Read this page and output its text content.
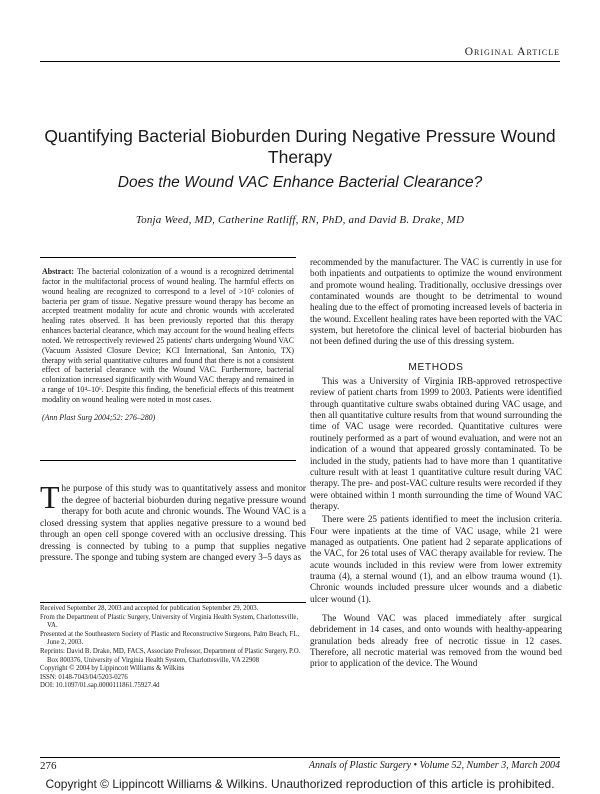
Original Article
Quantifying Bacterial Bioburden During Negative Pressure Wound Therapy
Does the Wound VAC Enhance Bacterial Clearance?
Tonja Weed, MD, Catherine Ratliff, RN, PhD, and David B. Drake, MD

Abstract: The bacterial colonization of a wound is a recognized detrimental factor in the multifactorial process of wound healing. The harmful effects on wound healing are recognized to correspond to a level of >10⁵ colonies of bacteria per gram of tissue. Negative pressure wound therapy has become an accepted treatment modality for acute and chronic wounds with accelerated healing rates observed. It has been previously reported that this therapy enhances bacterial clearance, which may account for the wound healing effects noted. We retrospectively reviewed 25 patients' charts undergoing Wound VAC (Vacuum Assisted Closure Device; KCI International, San Antonio, TX) therapy with serial quantitative cultures and found that there is not a consistent effect of bacterial clearance with the Wound VAC. Furthermore, bacterial colonization increased significantly with Wound VAC therapy and remained in a range of 10⁴–10⁶. Despite this finding, the beneficial effects of this treatment modality on wound healing were noted in most cases.

(Ann Plast Surg 2004;52: 276–280)

The purpose of this study was to quantitatively assess and monitor the degree of bacterial bioburden during negative pressure wound therapy for both acute and chronic wounds. The Wound VAC is a closed dressing system that applies negative pressure to a wound bed through an open cell sponge covered with an occlusive dressing. This dressing is connected by tubing to a pump that supplies negative pressure. The sponge and tubing system are changed every 3–5 days as

Received September 28, 2003 and accepted for publication September 29, 2003.

From the Department of Plastic Surgery, University of Virginia Health System, Charlottesville, VA.

Presented at the Southeastern Society of Plastic and Reconstructive Surgeons, Palm Beach, FL, June 2, 2003.

Reprints: David B. Drake, MD, FACS, Associate Professor, Department of Plastic Surgery, P.O. Box 800376, University of Virginia Health System, Charlottesville, VA 22908

Copyright © 2004 by Lippincott Williams & Wilkins

ISSN: 0148-7043/04/5203-0276

DOI: 10.1097/01.sap.0000111861.75927.4d

recommended by the manufacturer. The VAC is currently in use for both inpatients and outpatients to optimize the wound environment and promote wound healing. Traditionally, occlusive dressings over contaminated wounds are thought to be detrimental to wound healing due to the effect of promoting increased levels of bacteria in the wound. Excellent healing rates have been reported with the VAC system, but heretofore the clinical level of bacterial bioburden has not been defined during the use of this dressing system.

METHODS

This was a University of Virginia IRB-approved retrospective review of patient charts from 1999 to 2003. Patients were identified through quantitative culture swabs obtained during VAC usage, and then all quantitative culture results from that wound surrounding the time of VAC usage were recorded. Quantitative cultures were routinely performed as a part of wound evaluation, and were not an indication of a wound that appeared grossly contaminated. To be included in the study, patients had to have more than 1 quantitative culture result with at least 1 quantitative culture result during VAC therapy. The pre- and post-VAC culture results were recorded if they were obtained within 1 month surrounding the time of Wound VAC therapy.

There were 25 patients identified to meet the inclusion criteria. Four were inpatients at the time of VAC usage, while 21 were managed as outpatients. One patient had 2 separate applications of the VAC, for 26 total uses of VAC therapy available for review. The acute wounds included in this review were from lower extremity trauma (4), a sternal wound (1), and an elbow trauma wound (1). Chronic wounds included pressure ulcer wounds and a diabetic ulcer wound (1).

The Wound VAC was placed immediately after surgical debridement in 14 cases, and onto wounds with healthy-appearing granulation beds already free of necrotic tissue in 12 cases. Therefore, all necrotic material was removed from the wound bed prior to application of the device. The Wound

276	Annals of Plastic Surgery • Volume 52, Number 3, March 2004
Copyright © Lippincott Williams & Wilkins. Unauthorized reproduction of this article is prohibited.
